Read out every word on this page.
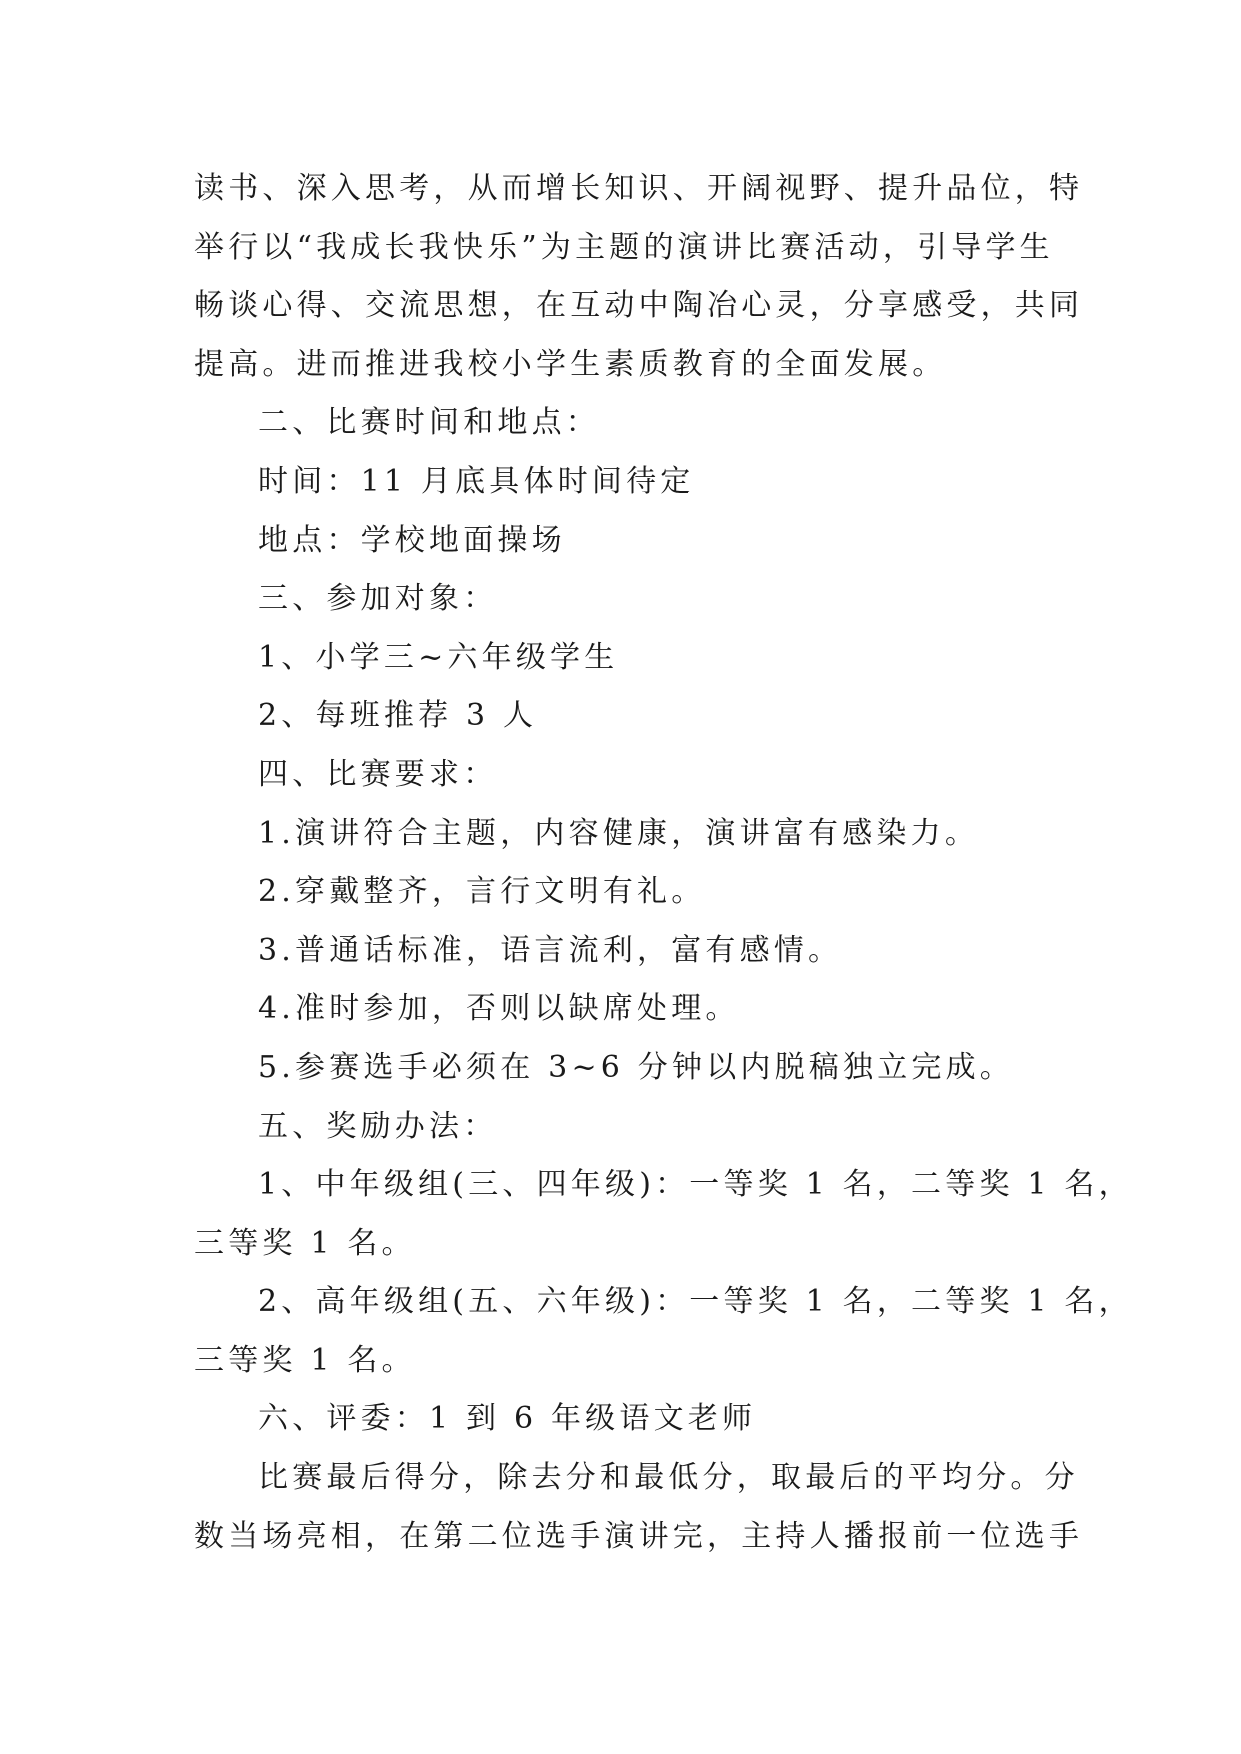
读书、深入思考，从而增长知识、开阔视野、提升品位，特
举行以“我成长我快乐”为主题的演讲比赛活动，引导学生
畅谈心得、交流思想，在互动中陶冶心灵，分享感受，共同
提高。进而推进我校小学生素质教育的全面发展。

二、比赛时间和地点：

时间：11 月底具体时间待定

地点：学校地面操场

三、参加对象：

1、小学三~六年级学生

2、每班推荐 3 人

四、比赛要求：

1.演讲符合主题，内容健康，演讲富有感染力。

2.穿戴整齐，言行文明有礼。

3.普通话标准，语言流利，富有感情。

4.准时参加，否则以缺席处理。

5.参赛选手必须在 3~6 分钟以内脱稿独立完成。

五、奖励办法：

1、中年级组(三、四年级)：一等奖 1 名，二等奖 1 名，
三等奖 1 名。

2、高年级组(五、六年级)：一等奖 1 名，二等奖 1 名，
三等奖 1 名。

六、评委：1 到 6 年级语文老师

比赛最后得分，除去分和最低分，取最后的平均分。分
数当场亮相，在第二位选手演讲完，主持人播报前一位选手
